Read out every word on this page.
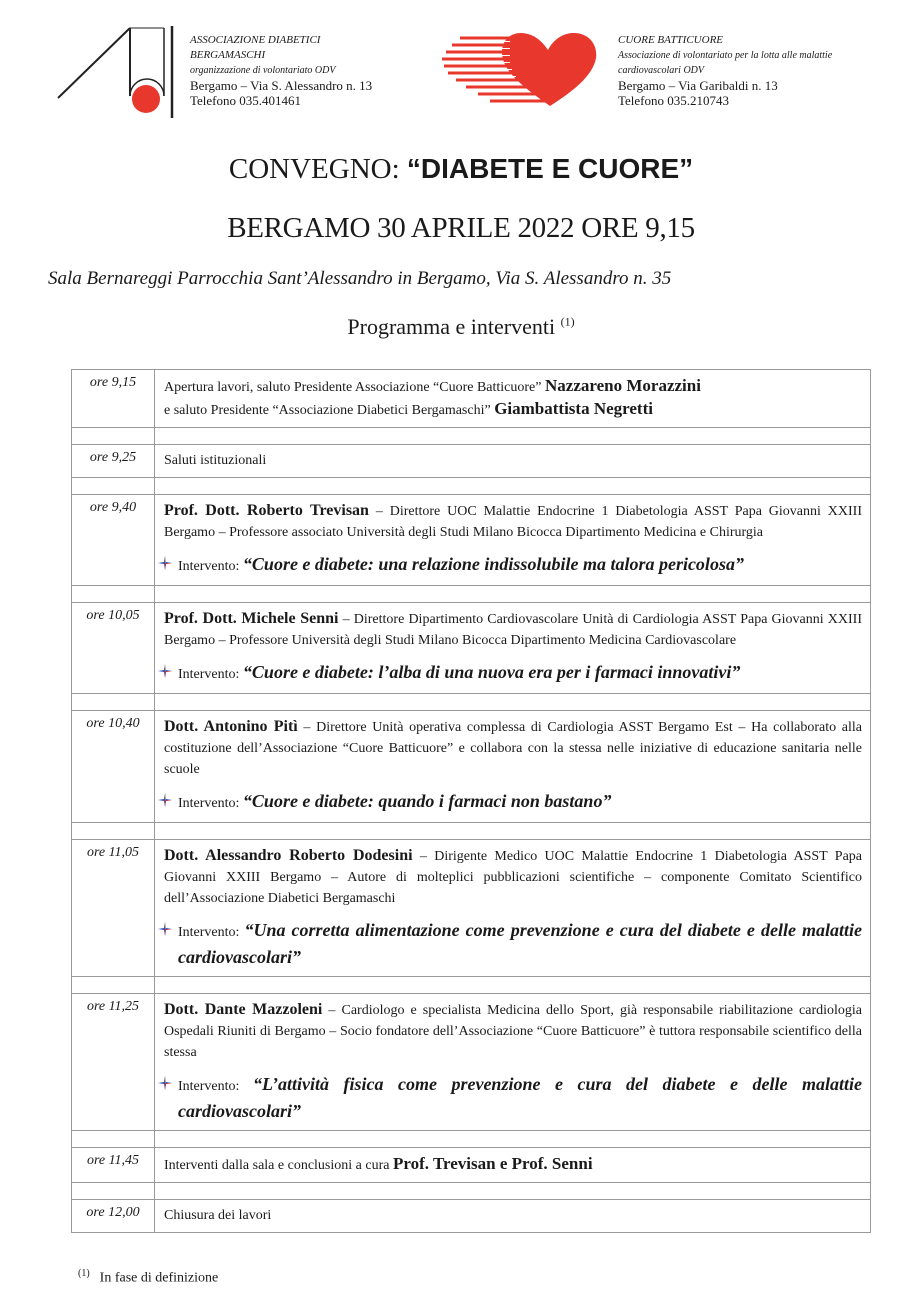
ASSOCIAZIONE DIABETICI
BERGAMASCHI
organizzazione di volontariato ODV
Bergamo – Via S. Alessandro n. 13
Telefono 035.401461
CUORE BATTICUORE
Associazione di volontariato per la lotta alle malattie
cardiovascolari ODV
Bergamo – Via Garibaldi n. 13
Telefono 035.210743
CONVEGNO: “DIABETE E CUORE”
BERGAMO 30 APRILE 2022 ORE 9,15
Sala Bernareggi Parrocchia Sant’Alessandro in Bergamo, Via S. Alessandro n. 35
Programma e interventi $^{(1)}$
ore 9,15	Apertura lavori, saluto Presidente Associazione “Cuore Batticuore” Nazzareno Morazzini
e saluto Presidente “Associazione Diabetici Bergamaschi” Giambattista Negretti

ore 9,25	Saluti istituzionali

ore 9,40	Prof. Dott. Roberto Trevisan – Direttore UOC Malattie Endocrine 1 Diabetologia ASST Papa Giovanni XXIII Bergamo – Professore associato Università degli Studi Milano Bicocca Dipartimento Medicina e Chirurgia
Intervento: “Cuore e diabete: una relazione indissolubile ma talora pericolosa”

ore 10,05	Prof. Dott. Michele Senni – Direttore Dipartimento Cardiovascolare Unità di Cardiologia ASST Papa Giovanni XXIII Bergamo – Professore Università degli Studi Milano Bicocca Dipartimento Medicina Cardiovascolare
Intervento: “Cuore e diabete: l’alba di una nuova era per i farmaci innovativi”

ore 10,40	Dott. Antonino Pitì – Direttore Unità operativa complessa di Cardiologia ASST Bergamo Est – Ha collaborato alla costituzione dell’Associazione “Cuore Batticuore” e collabora con la stessa nelle iniziative di educazione sanitaria nelle scuole
Intervento: “Cuore e diabete: quando i farmaci non bastano”

ore 11,05	Dott. Alessandro Roberto Dodesini – Dirigente Medico UOC Malattie Endocrine 1 Diabetologia ASST Papa Giovanni XXIII Bergamo – Autore di molteplici pubblicazioni scientifiche – componente Comitato Scientifico dell’Associazione Diabetici Bergamaschi
Intervento: “Una corretta alimentazione come prevenzione e cura del diabete e delle malattie cardiovascolari”

ore 11,25	Dott. Dante Mazzoleni – Cardiologo e specialista Medicina dello Sport, già responsabile riabilitazione cardiologia Ospedali Riuniti di Bergamo – Socio fondatore dell’Associazione “Cuore Batticuore” è tuttora responsabile scientifico della stessa
Intervento: “L’attività fisica come prevenzione e cura del diabete e delle malattie cardiovascolari”

ore 11,45	Interventi dalla sala e conclusioni a cura Prof. Trevisan e Prof. Senni

ore 12,00	Chiusura dei lavori
$^{(1)}$ In fase di definizione
